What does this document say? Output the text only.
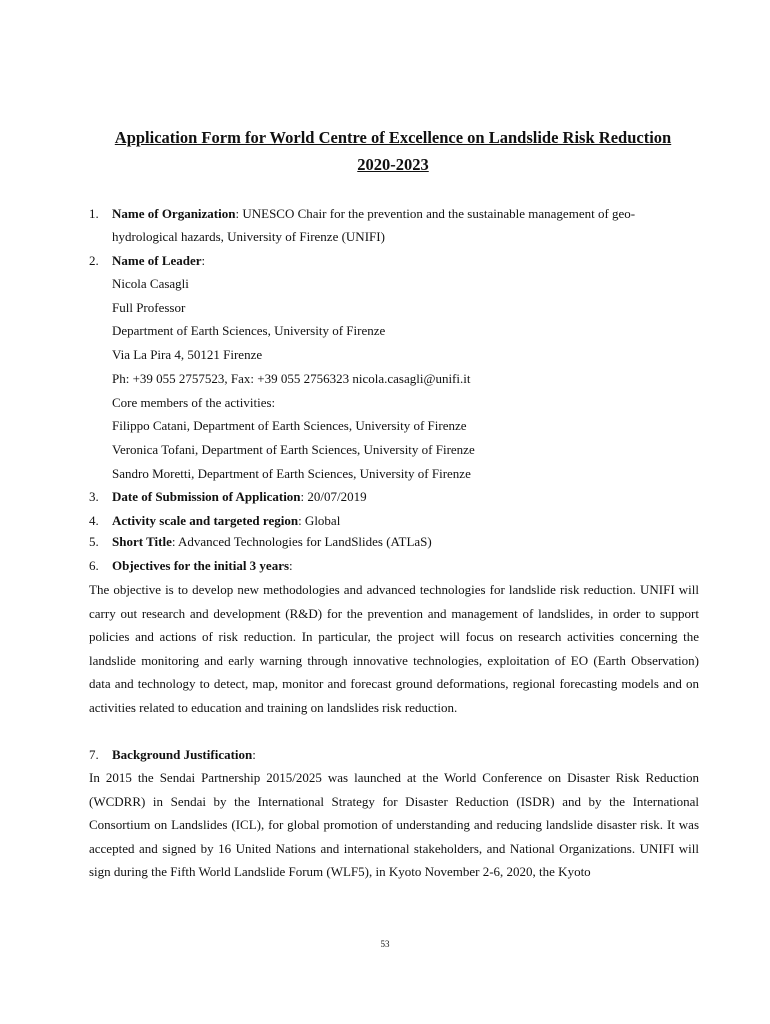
Application Form for World Centre of Excellence on Landslide Risk Reduction
2020-2023
1. Name of Organization: UNESCO Chair for the prevention and the sustainable management of geo-
hydrological hazards, University of Firenze (UNIFI)
2. Name of Leader:
Nicola Casagli
Full Professor
Department of Earth Sciences, University of Firenze
Via La Pira 4, 50121 Firenze
Ph: +39 055 2757523, Fax: +39 055 2756323 nicola.casagli@unifi.it
Core members of the activities:
Filippo Catani, Department of Earth Sciences, University of Firenze
Veronica Tofani, Department of Earth Sciences, University of Firenze
Sandro Moretti, Department of Earth Sciences, University of Firenze
3. Date of Submission of Application: 20/07/2019
4. Activity scale and targeted region: Global
5. Short Title: Advanced Technologies for LandSlides (ATLaS)
6. Objectives for the initial 3 years:
The objective is to develop new methodologies and advanced technologies for landslide risk reduction. UNIFI will carry out research and development (R&D) for the prevention and management of landslides, in order to support policies and actions of risk reduction. In particular, the project will focus on research activities concerning the landslide monitoring and early warning through innovative technologies, exploitation of EO (Earth Observation) data and technology to detect, map, monitor and forecast ground deformations, regional forecasting models and on activities related to education and training on landslides risk reduction.
7. Background Justification:
In 2015 the Sendai Partnership 2015/2025 was launched at the World Conference on Disaster Risk Reduction (WCDRR) in Sendai by the International Strategy for Disaster Reduction (ISDR) and by the International Consortium on Landslides (ICL), for global promotion of understanding and reducing landslide disaster risk. It was accepted and signed by 16 United Nations and international stakeholders, and National Organizations. UNIFI will sign during the Fifth World Landslide Forum (WLF5), in Kyoto November 2-6, 2020, the Kyoto
53
